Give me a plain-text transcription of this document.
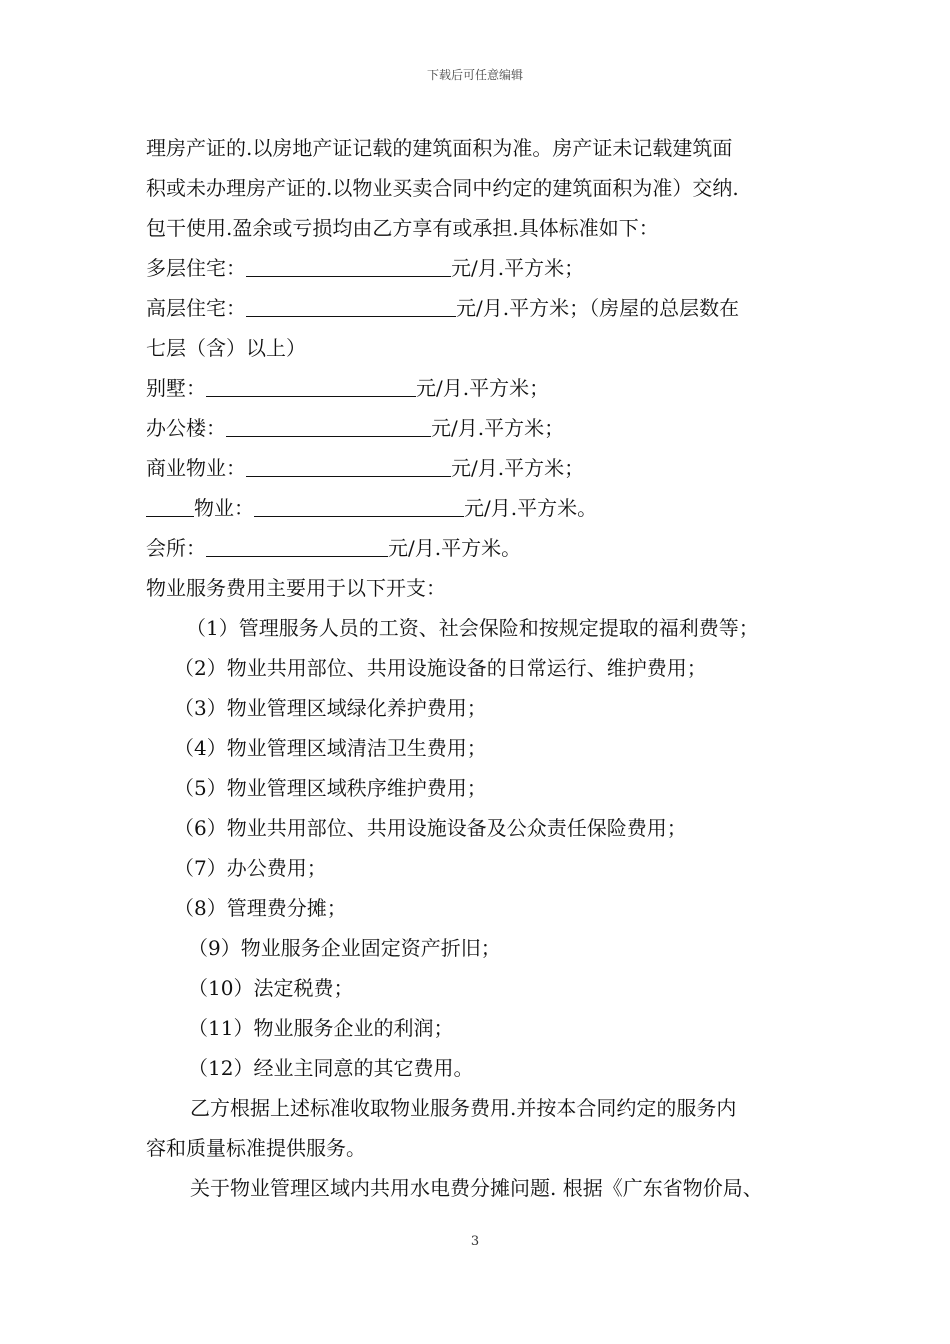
下载后可任意编辑
理房产证的.以房地产证记载的建筑面积为准。房产证未记载建筑面
积或未办理房产证的.以物业买卖合同中约定的建筑面积为准）交纳.
包干使用.盈余或亏损均由乙方享有或承担.具体标准如下：
多层住宅：	元/月.平方米；
高层住宅：	元/月.平方米；（房屋的总层数在
七层（含）以上）
别墅：	元/月.平方米；
办公楼：	元/月.平方米；
商业物业：	元/月.平方米；
物业：	元/月.平方米。
会所：	元/月.平方米。
物业服务费用主要用于以下开支：
（1）管理服务人员的工资、社会保险和按规定提取的福利费等；
（2）物业共用部位、共用设施设备的日常运行、维护费用；
（3）物业管理区域绿化养护费用；
（4）物业管理区域清洁卫生费用；
（5）物业管理区域秩序维护费用；
（6）物业共用部位、共用设施设备及公众责任保险费用；
（7）办公费用；
（8）管理费分摊；
（9）物业服务企业固定资产折旧；
（10）法定税费；
（11）物业服务企业的利润；
（12）经业主同意的其它费用。
乙方根据上述标准收取物业服务费用.并按本合同约定的服务内
容和质量标准提供服务。
关于物业管理区域内共用水电费分摊问题. 根据《广东省物价局、
3
